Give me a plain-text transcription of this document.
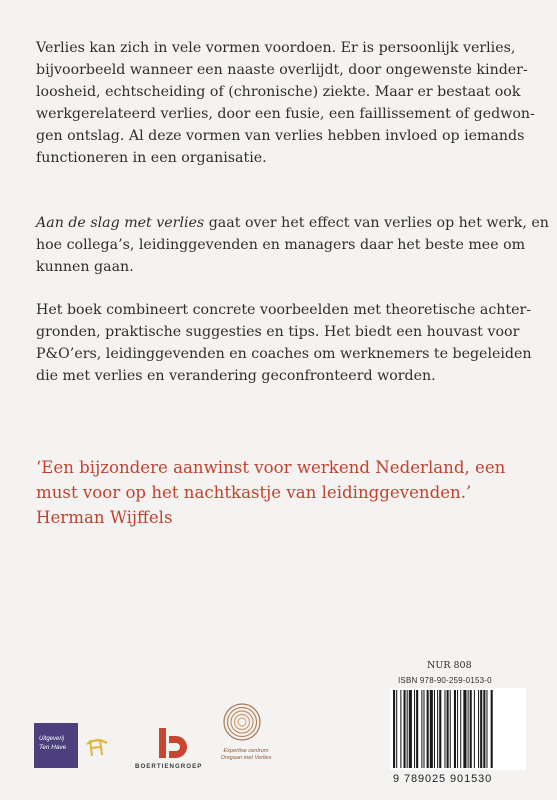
Verlies kan zich in vele vormen voordoen. Er is persoonlijk verlies,
bijvoorbeeld wanneer een naaste overlijdt, door ongewenste kinder-
loosheid, echtscheiding of (chronische) ziekte. Maar er bestaat ook
werkgerelateerd verlies, door een fusie, een faillissement of gedwon-
gen ontslag. Al deze vormen van verlies hebben invloed op iemands
functioneren in een organisatie.
Aan de slag met verlies gaat over het effect van verlies op het werk, en
hoe collega’s, leidinggevenden en managers daar het beste mee om
kunnen gaan.
Het boek combineert concrete voorbeelden met theoretische achter-
gronden, praktische suggesties en tips. Het biedt een houvast voor
P&O’ers, leidinggevenden en coaches om werknemers te begeleiden
die met verlies en verandering geconfronteerd worden.
‘Een bijzondere aanwinst voor werkend Nederland, een
must voor op het nachtkastje van leidinggevenden.’
Herman Wijffels
NUR 808
ISBN 978-90-259-0153-0
9 789025 901530
Uitgeverij
Ten Have
BOERTIENGROEP
Expertise centrum
Omgaan met Verlies
